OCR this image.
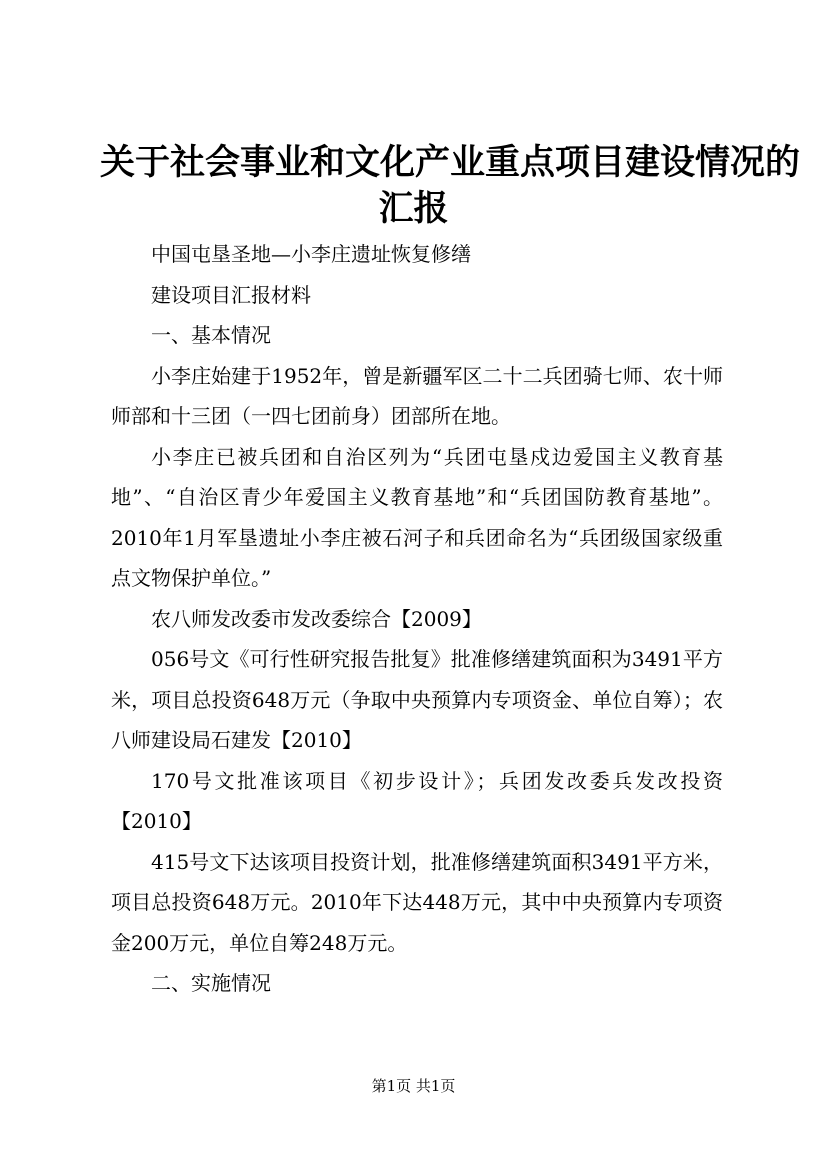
关于社会事业和文化产业重点项目建设情况的
汇报

中国屯垦圣地—小李庄遗址恢复修缮

建设项目汇报材料

一、基本情况

小李庄始建于1952年，曾是新疆军区二十二兵团骑七师、农十师师部和十三团（一四七团前身）团部所在地。

小李庄已被兵团和自治区列为“兵团屯垦戍边爱国主义教育基地”、“自治区青少年爱国主义教育基地”和“兵团国防教育基地”。2010年1月军垦遗址小李庄被石河子和兵团命名为“兵团级国家级重点文物保护单位。”

农八师发改委市发改委综合【2009】

056号文《可行性研究报告批复》批准修缮建筑面积为3491平方米，项目总投资648万元（争取中央预算内专项资金、单位自筹）；农八师建设局石建发【2010】

170号文批准该项目《初步设计》；兵团发改委兵发改投资【2010】

415号文下达该项目投资计划，批准修缮建筑面积3491平方米，项目总投资648万元。2010年下达448万元，其中中央预算内专项资金200万元，单位自筹248万元。

二、实施情况

第1页 共1页
